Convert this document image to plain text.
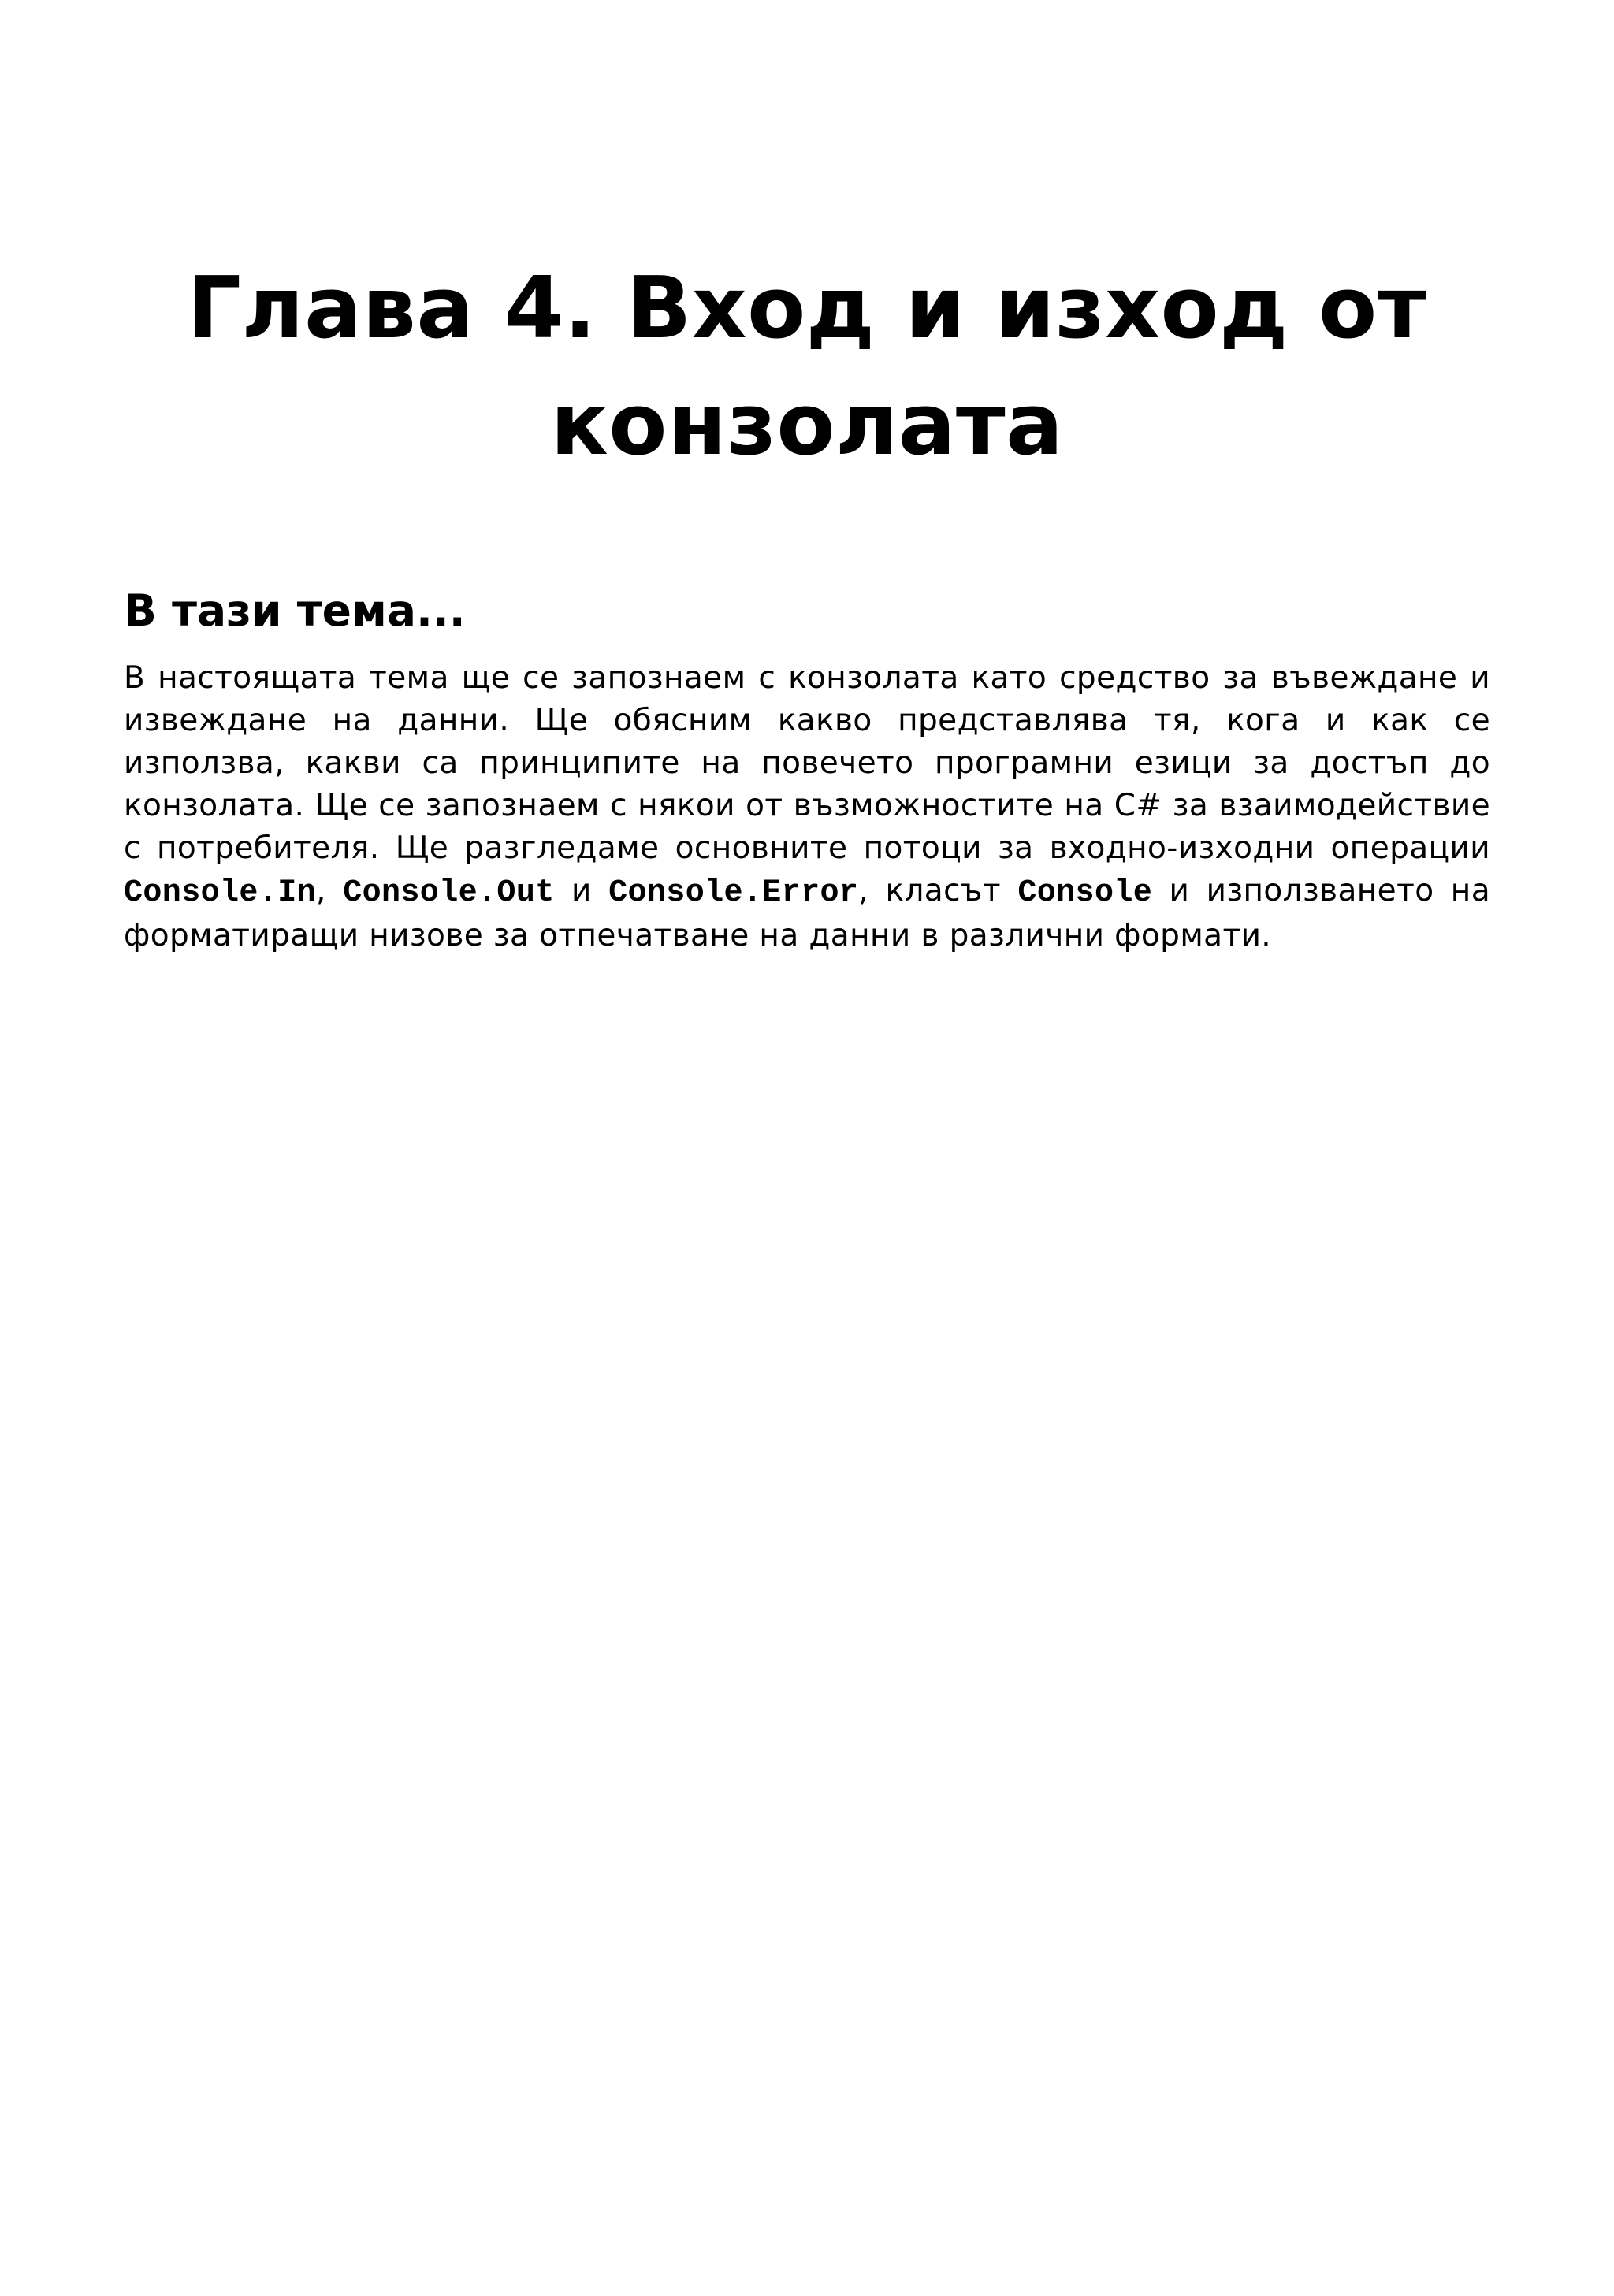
Глава 4. Вход и изход от
конзолата
В тази тема...

В настоящата тема ще се запознаем с конзолата като средство за въвеждане и извеждане на данни. Ще обясним какво представлява тя, кога и как се използва, какви са принципите на повечето програмни езици за достъп до конзолата. Ще се запознаем с някои от възможностите на C# за взаимодействие с потребителя. Ще разгледаме основните потоци за входно-изходни операции Console.In, Console.Out и Console.Error, класът Console и използването на форматиращи низове за отпечатване на данни в различни формати.
